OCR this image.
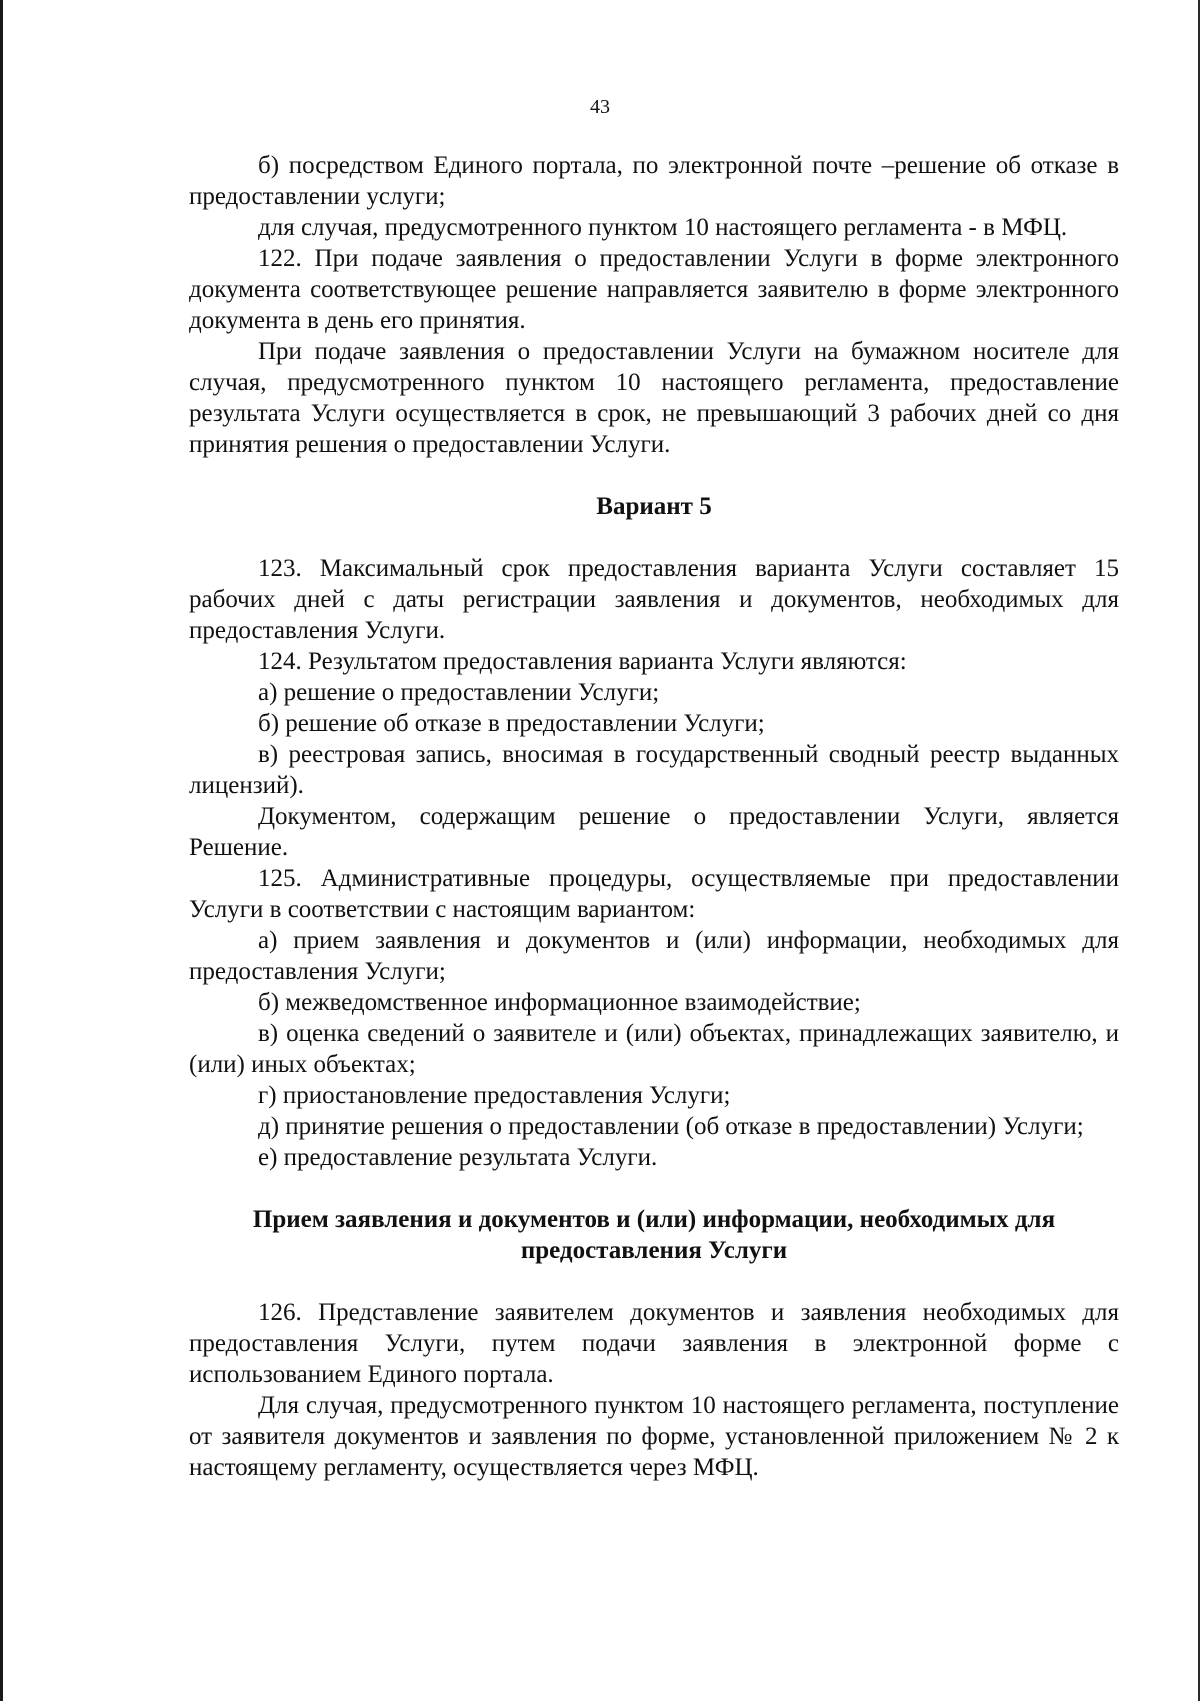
43

б) посредством Единого портала, по электронной почте –решение об отказе в предоставлении услуги;

для случая, предусмотренного пунктом 10 настоящего регламента - в МФЦ.

122. При подаче заявления о предоставлении Услуги в форме электронного документа соответствующее решение направляется заявителю в форме электронного документа в день его принятия.

При подаче заявления о предоставлении Услуги на бумажном носителе для случая, предусмотренного пунктом 10 настоящего регламента, предоставление результата Услуги осуществляется в срок, не превышающий 3 рабочих дней со дня принятия решения о предоставлении Услуги.

Вариант 5

123. Максимальный срок предоставления варианта Услуги составляет 15 рабочих дней с даты регистрации заявления и документов, необходимых для предоставления Услуги.

124. Результатом предоставления варианта Услуги являются:

а) решение о предоставлении Услуги;

б) решение об отказе в предоставлении Услуги;

в) реестровая запись, вносимая в государственный сводный реестр выданных лицензий).

Документом, содержащим решение о предоставлении Услуги, является Решение.

125. Административные процедуры, осуществляемые при предоставлении Услуги в соответствии с настоящим вариантом:

а) прием заявления и документов и (или) информации, необходимых для предоставления Услуги;

б) межведомственное информационное взаимодействие;

в) оценка сведений о заявителе и (или) объектах, принадлежащих заявителю, и (или) иных объектах;

г) приостановление предоставления Услуги;

д) принятие решения о предоставлении (об отказе в предоставлении) Услуги;

е) предоставление результата Услуги.

Прием заявления и документов и (или) информации, необходимых для предоставления Услуги

126. Представление заявителем документов и заявления необходимых для предоставления Услуги, путем подачи заявления в электронной форме с использованием Единого портала.

Для случая, предусмотренного пунктом 10 настоящего регламента, поступление от заявителя документов и заявления по форме, установленной приложением № 2 к настоящему регламенту, осуществляется через МФЦ.
